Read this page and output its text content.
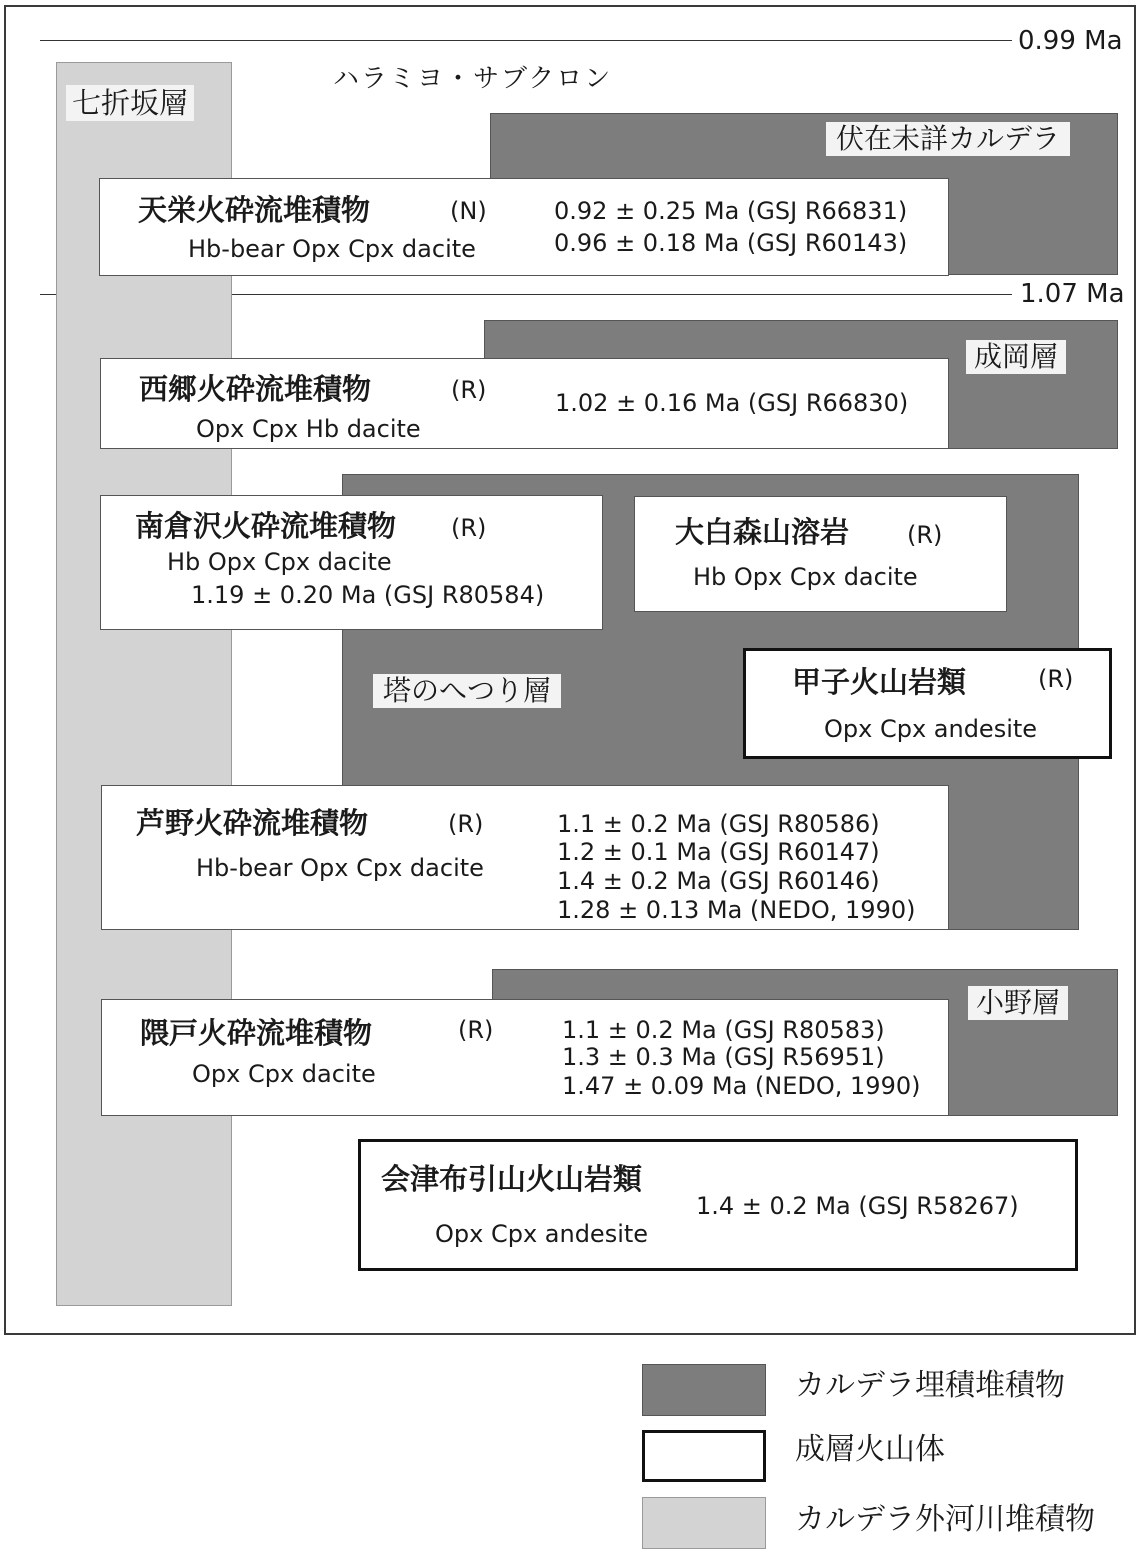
0.99 Ma
1.07 Ma
ハラミヨ・サブクロン
七折坂層
伏在未詳カルデラ
成岡層
塔のへつり層
小野層
天栄火砕流堆積物	(N)
Hb-bear Opx Cpx dacite
0.92 ± 0.25 Ma (GSJ R66831)
0.96 ± 0.18 Ma (GSJ R60143)
西郷火砕流堆積物	(R)
Opx Cpx Hb dacite
1.02 ± 0.16 Ma (GSJ R66830)
南倉沢火砕流堆積物 (R)
Hb Opx Cpx dacite
1.19 ± 0.20 Ma (GSJ R80584)
大白森山溶岩 (R)
Hb Opx Cpx dacite
甲子火山岩類	(R)
Opx Cpx andesite
芦野火砕流堆積物	(R)
Hb-bear Opx Cpx dacite
1.1 ± 0.2 Ma (GSJ R80586)
1.2 ± 0.1 Ma (GSJ R60147)
1.4 ± 0.2 Ma (GSJ R60146)
1.28 ± 0.13 Ma (NEDO, 1990)
隈戸火砕流堆積物	(R)
Opx Cpx dacite
1.1 ± 0.2 Ma (GSJ R80583)
1.3 ± 0.3 Ma (GSJ R56951)
1.47 ± 0.09 Ma (NEDO, 1990)
会津布引山火山岩類
Opx Cpx andesite
1.4 ± 0.2 Ma (GSJ R58267)
カルデラ埋積堆積物
成層火山体
カルデラ外河川堆積物
